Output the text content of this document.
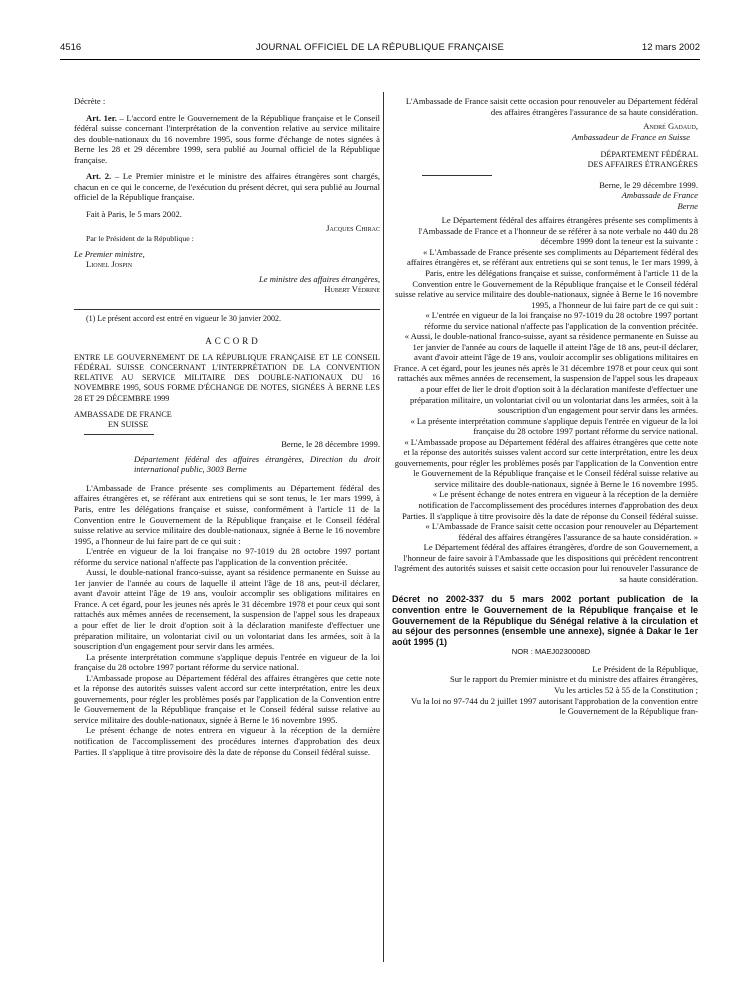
4516	JOURNAL OFFICIEL DE LA RÉPUBLIQUE FRANÇAISE	12 mars 2002

Décrète :

Art. 1er. – L'accord entre le Gouvernement de la République française et le Conseil fédéral suisse concernant l'interprétation de la convention relative au service militaire des double-nationaux du 16 novembre 1995, sous forme d'échange de notes signées à Berne les 28 et 29 décembre 1999, sera publié au Journal officiel de la République française.

Art. 2. – Le Premier ministre et le ministre des affaires étrangères sont chargés, chacun en ce qui le concerne, de l'exécution du présent décret, qui sera publié au Journal officiel de la République française.

Fait à Paris, le 5 mars 2002.

Jacques Chirac

Par le Président de la République :

Le Premier ministre,

Lionel Jospin

Le ministre des affaires étrangères,

Hubert Védrine

(1) Le présent accord est entré en vigueur le 30 janvier 2002.

ACCORD

ENTRE LE GOUVERNEMENT DE LA RÉPUBLIQUE FRANÇAISE ET LE CONSEIL FÉDÉRAL SUISSE CONCERNANT L'INTERPRÉTATION DE LA CONVENTION RELATIVE AU SERVICE MILITAIRE DES DOUBLE-NATIONAUX DU 16 NOVEMBRE 1995, SOUS FORME D'ÉCHANGE DE NOTES, SIGNÉES À BERNE LES 28 ET 29 DÉCEMBRE 1999

AMBASSADE DE FRANCE

EN SUISSE

Berne, le 28 décembre 1999.

Département fédéral des affaires étrangères, Direction du droit international public, 3003 Berne

L'Ambassade de France présente ses compliments au Département fédéral des affaires étrangères et, se référant aux entretiens qui se sont tenus, le 1er mars 1999, à Paris, entre les délégations française et suisse, conformément à l'article 11 de la Convention entre le Gouvernement de la République française et le Conseil fédéral suisse relative au service militaire des double-nationaux, signée à Berne le 16 novembre 1995, a l'honneur de lui faire part de ce qui suit :

L'entrée en vigueur de la loi française no 97-1019 du 28 octobre 1997 portant réforme du service national n'affecte pas l'application de la convention précitée.

Aussi, le double-national franco-suisse, ayant sa résidence permanente en Suisse au 1er janvier de l'année au cours de laquelle il atteint l'âge de 18 ans, peut-il déclarer, avant d'avoir atteint l'âge de 19 ans, vouloir accomplir ses obligations militaires en France. A cet égard, pour les jeunes nés après le 31 décembre 1978 et pour ceux qui sont rattachés aux mêmes années de recensement, la suspension de l'appel sous les drapeaux a pour effet de lier le droit d'option soit à la déclaration manifeste d'effectuer une préparation militaire, un volontariat civil ou un volontariat dans les armées, soit à la souscription d'un engagement pour servir dans les armées.

La présente interprétation commune s'applique depuis l'entrée en vigueur de la loi française du 28 octobre 1997 portant réforme du service national.

L'Ambassade propose au Département fédéral des affaires étrangères que cette note et la réponse des autorités suisses valent accord sur cette interprétation, entre les deux gouvernements, pour régler les problèmes posés par l'application de la Convention entre le Gouvernement de la République française et le Conseil fédéral suisse relative au service militaire des double-nationaux, signée à Berne le 16 novembre 1995.

Le présent échange de notes entrera en vigueur à la réception de la dernière notification de l'accomplissement des procédures internes d'approbation des deux Parties. Il s'applique à titre provisoire dès la date de réponse du Conseil fédéral suisse.

L'Ambassade de France saisit cette occasion pour renouveler au Département fédéral des affaires étrangères l'assurance de sa haute considération.

André Gadaud,

Ambassadeur de France en Suisse

DÉPARTEMENT FÉDÉRAL

DES AFFAIRES ÉTRANGÈRES

Berne, le 29 décembre 1999.

Ambassade de France

Berne

Le Département fédéral des affaires étrangères présente ses compliments à l'Ambassade de France et a l'honneur de se référer à sa note verbale no 440 du 28 décembre 1999 dont la teneur est la suivante :

« L'Ambassade de France présente ses compliments au Département fédéral des affaires étrangères et, se référant aux entretiens qui se sont tenus, le 1er mars 1999, à Paris, entre les délégations française et suisse, conformément à l'article 11 de la Convention entre le Gouvernement de la République française et le Conseil fédéral suisse relative au service militaire des double-nationaux, signée à Berne le 16 novembre 1995, a l'honneur de lui faire part de ce qui suit :

« L'entrée en vigueur de la loi française no 97-1019 du 28 octobre 1997 portant réforme du service national n'affecte pas l'application de la convention précitée.

« Aussi, le double-national franco-suisse, ayant sa résidence permanente en Suisse au 1er janvier de l'année au cours de laquelle il atteint l'âge de 18 ans, peut-il déclarer, avant d'avoir atteint l'âge de 19 ans, vouloir accomplir ses obligations militaires en France. A cet égard, pour les jeunes nés après le 31 décembre 1978 et pour ceux qui sont rattachés aux mêmes années de recensement, la suspension de l'appel sous les drapeaux a pour effet de lier le droit d'option soit à la déclaration manifeste d'effectuer une préparation militaire, un volontariat civil ou un volontariat dans les armées, soit à la souscription d'un engagement pour servir dans les armées.

« La présente interprétation commune s'applique depuis l'entrée en vigueur de la loi française du 28 octobre 1997 portant réforme du service national.

« L'Ambassade propose au Département fédéral des affaires étrangères que cette note et la réponse des autorités suisses valent accord sur cette interprétation, entre les deux gouvernements, pour régler les problèmes posés par l'application de la Convention entre le Gouvernement de la République française et le Conseil fédéral suisse relative au service militaire des double-nationaux, signée à Berne le 16 novembre 1995.

« Le présent échange de notes entrera en vigueur à la réception de la dernière notification de l'accomplissement des procédures internes d'approbation des deux Parties. Il s'applique à titre provisoire dès la date de réponse du Conseil fédéral suisse.

« L'Ambassade de France saisit cette occasion pour renouveler au Département fédéral des affaires étrangères l'assurance de sa haute considération. »

Le Département fédéral des affaires étrangères, d'ordre de son Gouvernement, a l'honneur de faire savoir à l'Ambassade que les dispositions qui précèdent rencontrent l'agrément des autorités suisses et saisit cette occasion pour lui renouveler l'assurance de sa haute considération.

Décret no 2002-337 du 5 mars 2002 portant publication de la convention entre le Gouvernement de la République française et le Gouvernement de la République du Sénégal relative à la circulation et au séjour des personnes (ensemble une annexe), signée à Dakar le 1er août 1995 (1)

NOR : MAEJ0230008D

Le Président de la République,

Sur le rapport du Premier ministre et du ministre des affaires étrangères,

Vu les articles 52 à 55 de la Constitution ;

Vu la loi no 97-744 du 2 juillet 1997 autorisant l'approbation de la convention entre le Gouvernement de la République fran-
